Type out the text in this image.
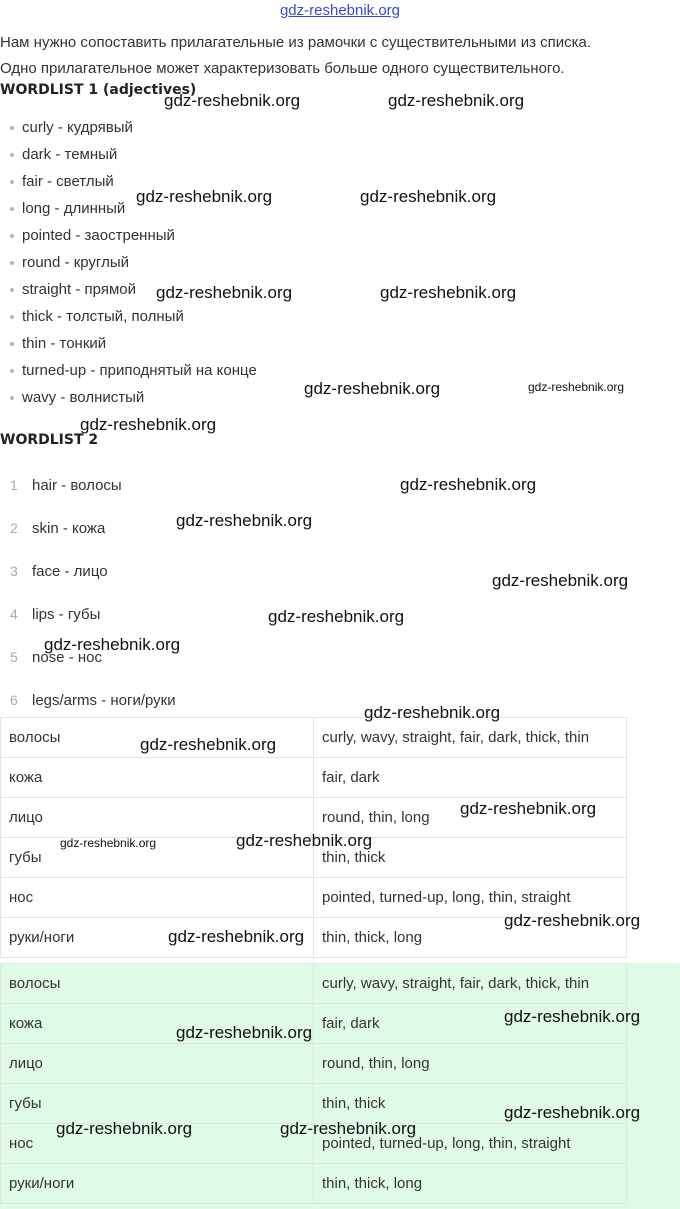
gdz-reshebnik.org
Нам нужно сопоставить прилагательные из рамочки с существительными из списка.
Одно прилагательное может характеризовать больше одного существительного.
WORDLIST 1 (adjectives)
curly - кудрявый
dark - темный
fair - светлый
long - длинный
pointed - заостренный
round - круглый
straight - прямой
thick - толстый, полный
thin - тонкий
turned-up - приподнятый на конце
wavy - волнистый
WORDLIST 2
1 hair - волосы
2 skin - кожа
3 face - лицо
4 lips - губы
5 nose - нос
6 legs/arms - ноги/руки
волосы	curly, wavy, straight, fair, dark, thick, thin
кожа	fair, dark
лицо	round, thin, long
губы	thin, thick
нос	pointed, turned-up, long, thin, straight
руки/ноги	thin, thick, long
волосы	curly, wavy, straight, fair, dark, thick, thin
кожа	fair, dark
лицо	round, thin, long
губы	thin, thick
нос	pointed, turned-up, long, thin, straight
руки/ноги	thin, thick, long
gdz-reshebnik.org	gdz-reshebnik.org
gdz-reshebnik.org	gdz-reshebnik.org
gdz-reshebnik.org	gdz-reshebnik.org
gdz-reshebnik.org	gdz-reshebnik.org
gdz-reshebnik.org
gdz-reshebnik.org
gdz-reshebnik.org
gdz-reshebnik.org
gdz-reshebnik.org
gdz-reshebnik.org
gdz-reshebnik.org
gdz-reshebnik.org
gdz-reshebnik.org
gdz-reshebnik.org	gdz-reshebnik.org
gdz-reshebnik.org
gdz-reshebnik.org
gdz-reshebnik.org
gdz-reshebnik.org
gdz-reshebnik.org
gdz-reshebnik.org	gdz-reshebnik.org
